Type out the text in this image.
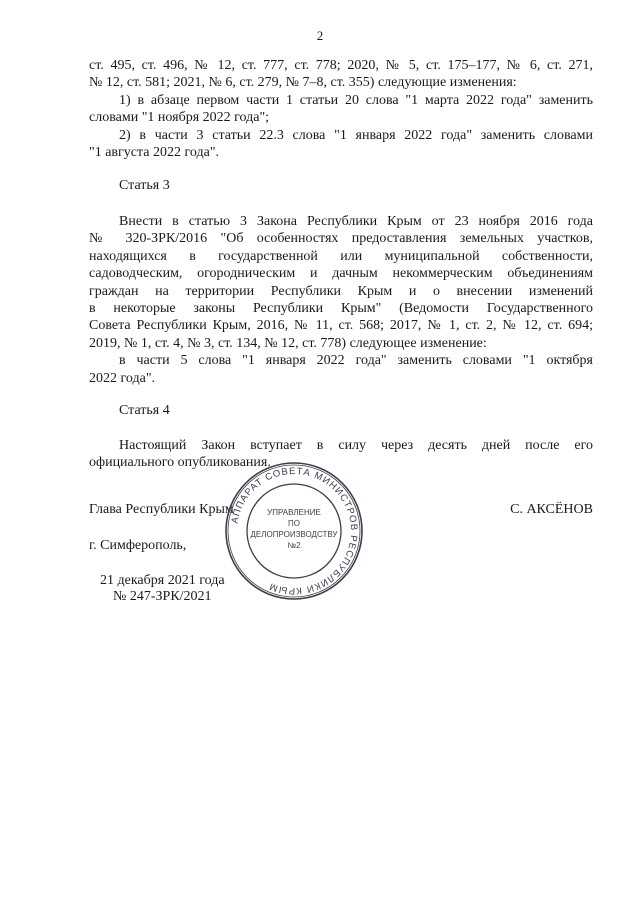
2
ст. 495, ст. 496, № 12, ст. 777, ст. 778; 2020, № 5, ст. 175–177, № 6, ст. 271,
№ 12, ст. 581; 2021, № 6, ст. 279, № 7–8, ст. 355) следующие изменения:
1) в абзаце первом части 1 статьи 20 слова "1 марта 2022 года" заменить
словами "1 ноября 2022 года";
2) в части 3 статьи 22.3 слова "1 января 2022 года" заменить словами
"1 августа 2022 года".
Статья 3
Внести в статью 3 Закона Республики Крым от 23 ноября 2016 года
№ 320-ЗРК/2016 "Об особенностях предоставления земельных участков,
находящихся в государственной или муниципальной собственности,
садоводческим, огородническим и дачным некоммерческим объединениям
граждан на территории Республики Крым и о внесении изменений
в некоторые законы Республики Крым" (Ведомости Государственного
Совета Республики Крым, 2016, № 11, ст. 568; 2017, № 1, ст. 2, № 12, ст. 694;
2019, № 1, ст. 4, № 3, ст. 134, № 12, ст. 778) следующее изменение:
в части 5 слова "1 января 2022 года" заменить словами "1 октября
2022 года".
Статья 4
Настоящий Закон вступает в силу через десять дней после его
официального опубликования.
Глава Республики Крым	С. АКСЁНОВ
г. Симферополь,
21 декабря 2021 года
№ 247-ЗРК/2021
АППАРАТ СОВЕТА МИНИСТРОВ РЕСПУБЛИКИ КРЫМ
УПРАВЛЕНИЕ
ПО
ДЕЛОПРОИЗВОДСТВУ
№2
